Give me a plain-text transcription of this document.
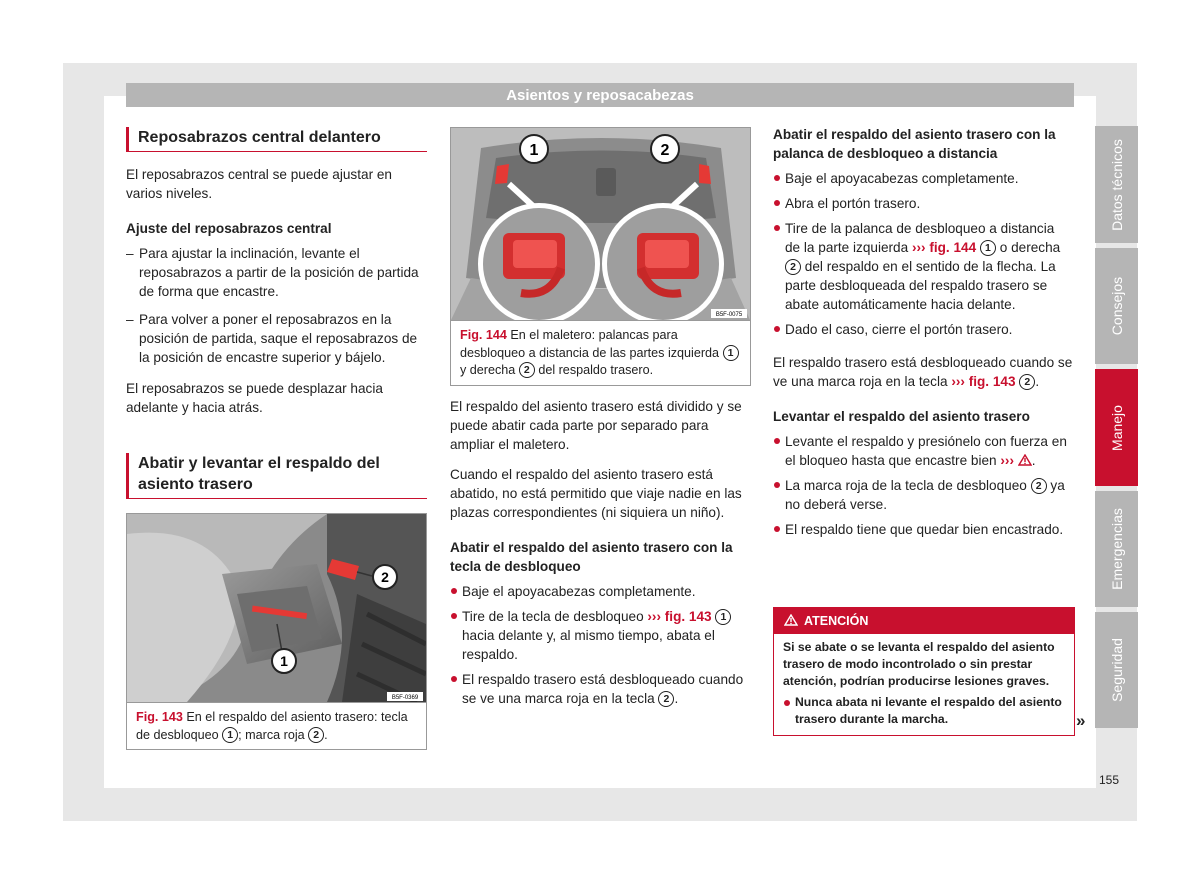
Asientos y reposacabezas
Reposabrazos central delantero

El reposabrazos central se puede ajustar en varios niveles.

Ajuste del reposabrazos central
– Para ajustar la inclinación, levante el reposabrazos a partir de la posición de partida de forma que encastre.
– Para volver a poner el reposabrazos en la posición de partida, saque el reposabrazos de la posición de encastre superior y bájelo.

El reposabrazos se puede desplazar hacia adelante y hacia atrás.

Abatir y levantar el respaldo del asiento trasero
2
1
B5F-0369
Fig. 143 En el respaldo del asiento trasero: tecla de desbloqueo 1 ; marca roja 2 .
1	2
B5F-0075
Fig. 144 En el maletero: palancas para desbloqueo a distancia de las partes izquierda 1 y derecha 2 del respaldo trasero.

El respaldo del asiento trasero está dividido y se puede abatir cada parte por separado para ampliar el maletero.

Cuando el respaldo del asiento trasero está abatido, no está permitido que viaje nadie en las plazas correspondientes (ni siquiera un niño).

Abatir el respaldo del asiento trasero con la tecla de desbloqueo
Baje el apoyacabezas completamente.
Tire de la tecla de desbloqueo ››› fig. 143 1 hacia delante y, al mismo tiempo, abata el respaldo.
El respaldo trasero está desbloqueado cuando se ve una marca roja en la tecla 2 .
Abatir el respaldo del asiento trasero con la palanca de desbloqueo a distancia
Baje el apoyacabezas completamente.
Abra el portón trasero.
Tire de la palanca de desbloqueo a distancia de la parte izquierda ››› fig. 144 1 o derecha 2 del respaldo en el sentido de la flecha. La parte desbloqueada del respaldo trasero se abate automáticamente hacia delante.
Dado el caso, cierre el portón trasero.

El respaldo trasero está desbloqueado cuando se ve una marca roja en la tecla ››› fig. 143 2 .

Levantar el respaldo del asiento trasero
Levante el respaldo y presiónelo con fuerza en el bloqueo hasta que encastre bien ››› .
La marca roja de la tecla de desbloqueo 2 ya no deberá verse.
El respaldo tiene que quedar bien encastrado.
ATENCIÓN

Si se abate o se levanta el respaldo del asiento trasero de modo incontrolado o sin prestar atención, podrían producirse lesiones graves.

Nunca abata ni levante el respaldo del asiento trasero durante la marcha.	»
Datos técnicos
Consejos
Manejo
Emergencias
Seguridad
155
